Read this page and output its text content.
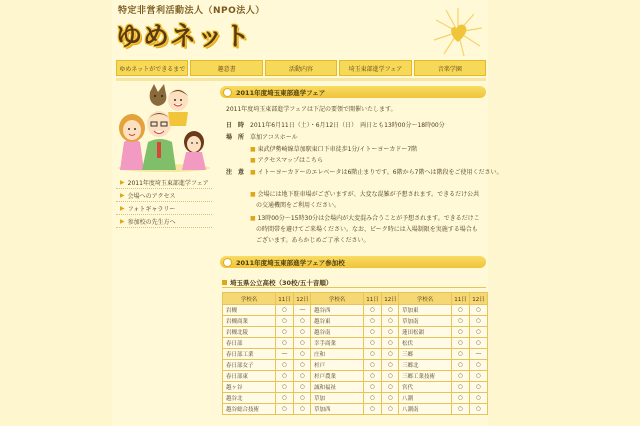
特定非営利活動法人（NPO法人）
ゆめネット
ゆめネットができるまで	趣意書	活動内容	埼玉東部進学フェア	音楽学園
▶ 2011年度埼玉東部進学フェア
▶ 会場へのアクセス
▶ フォトギャラリー
▶ 参加校の先生方へ
2011年度埼玉東部進学フェア
2011年度埼玉東部進学フェアは下記の要領で開催いたします。
日　時 2011年6月11日（土）・6月12日（日）　両日とも13時00分～18時00分
場　所 草加アコスホール
■ 東武伊勢崎線草加駅東口下車徒歩1分/イトーヨーカドー7階
■ アクセスマップはこちら
注　意 ■ イトーヨーカドーのエレベータは6階止まりです。6階から7階へは階段をご使用ください。
■ 会場には地下駐車場がございますが、大変な混雑が予想されます。できるだけ公共
の交通機関をご利用ください。
■ 13時00分～15時30分は会場内が大変混み合うことが予想されます。できるだけこ
の時間帯を避けてご来場ください。なお、ピーク時には入場制限を実施する場合も
ございます。あらかじめご了承ください。
2011年度埼玉東部進学フェア参加校
埼玉県公立高校（30校/五十音順）
学校名	11日	12日
岩槻	○	―
岩槻商業	○	○
岩槻北陵	○	○
春日部	○	○
春日部工業	―	○
春日部女子	○	○
春日部東	○	○
越ヶ谷	○	○
越谷北	○	○
越谷総合技術	○	○
学校名	11日	12日
越谷西	○	○
越谷東	○	○
越谷南	○	○
幸手商業	○	○
庄和	○	○
杉戸	○	○
杉戸農業	○	○
誠和福祉	○	○
草加	○	○
草加西	○	○
学校名	11日	12日
草加東	○	○
草加南	○	○
蓮田松韻	○	○
松伏	○	○
三郷	○	―
三郷北	○	○
三郷工業技術	○	○
宮代	○	○
八潮	○	○
八潮南	○	○
